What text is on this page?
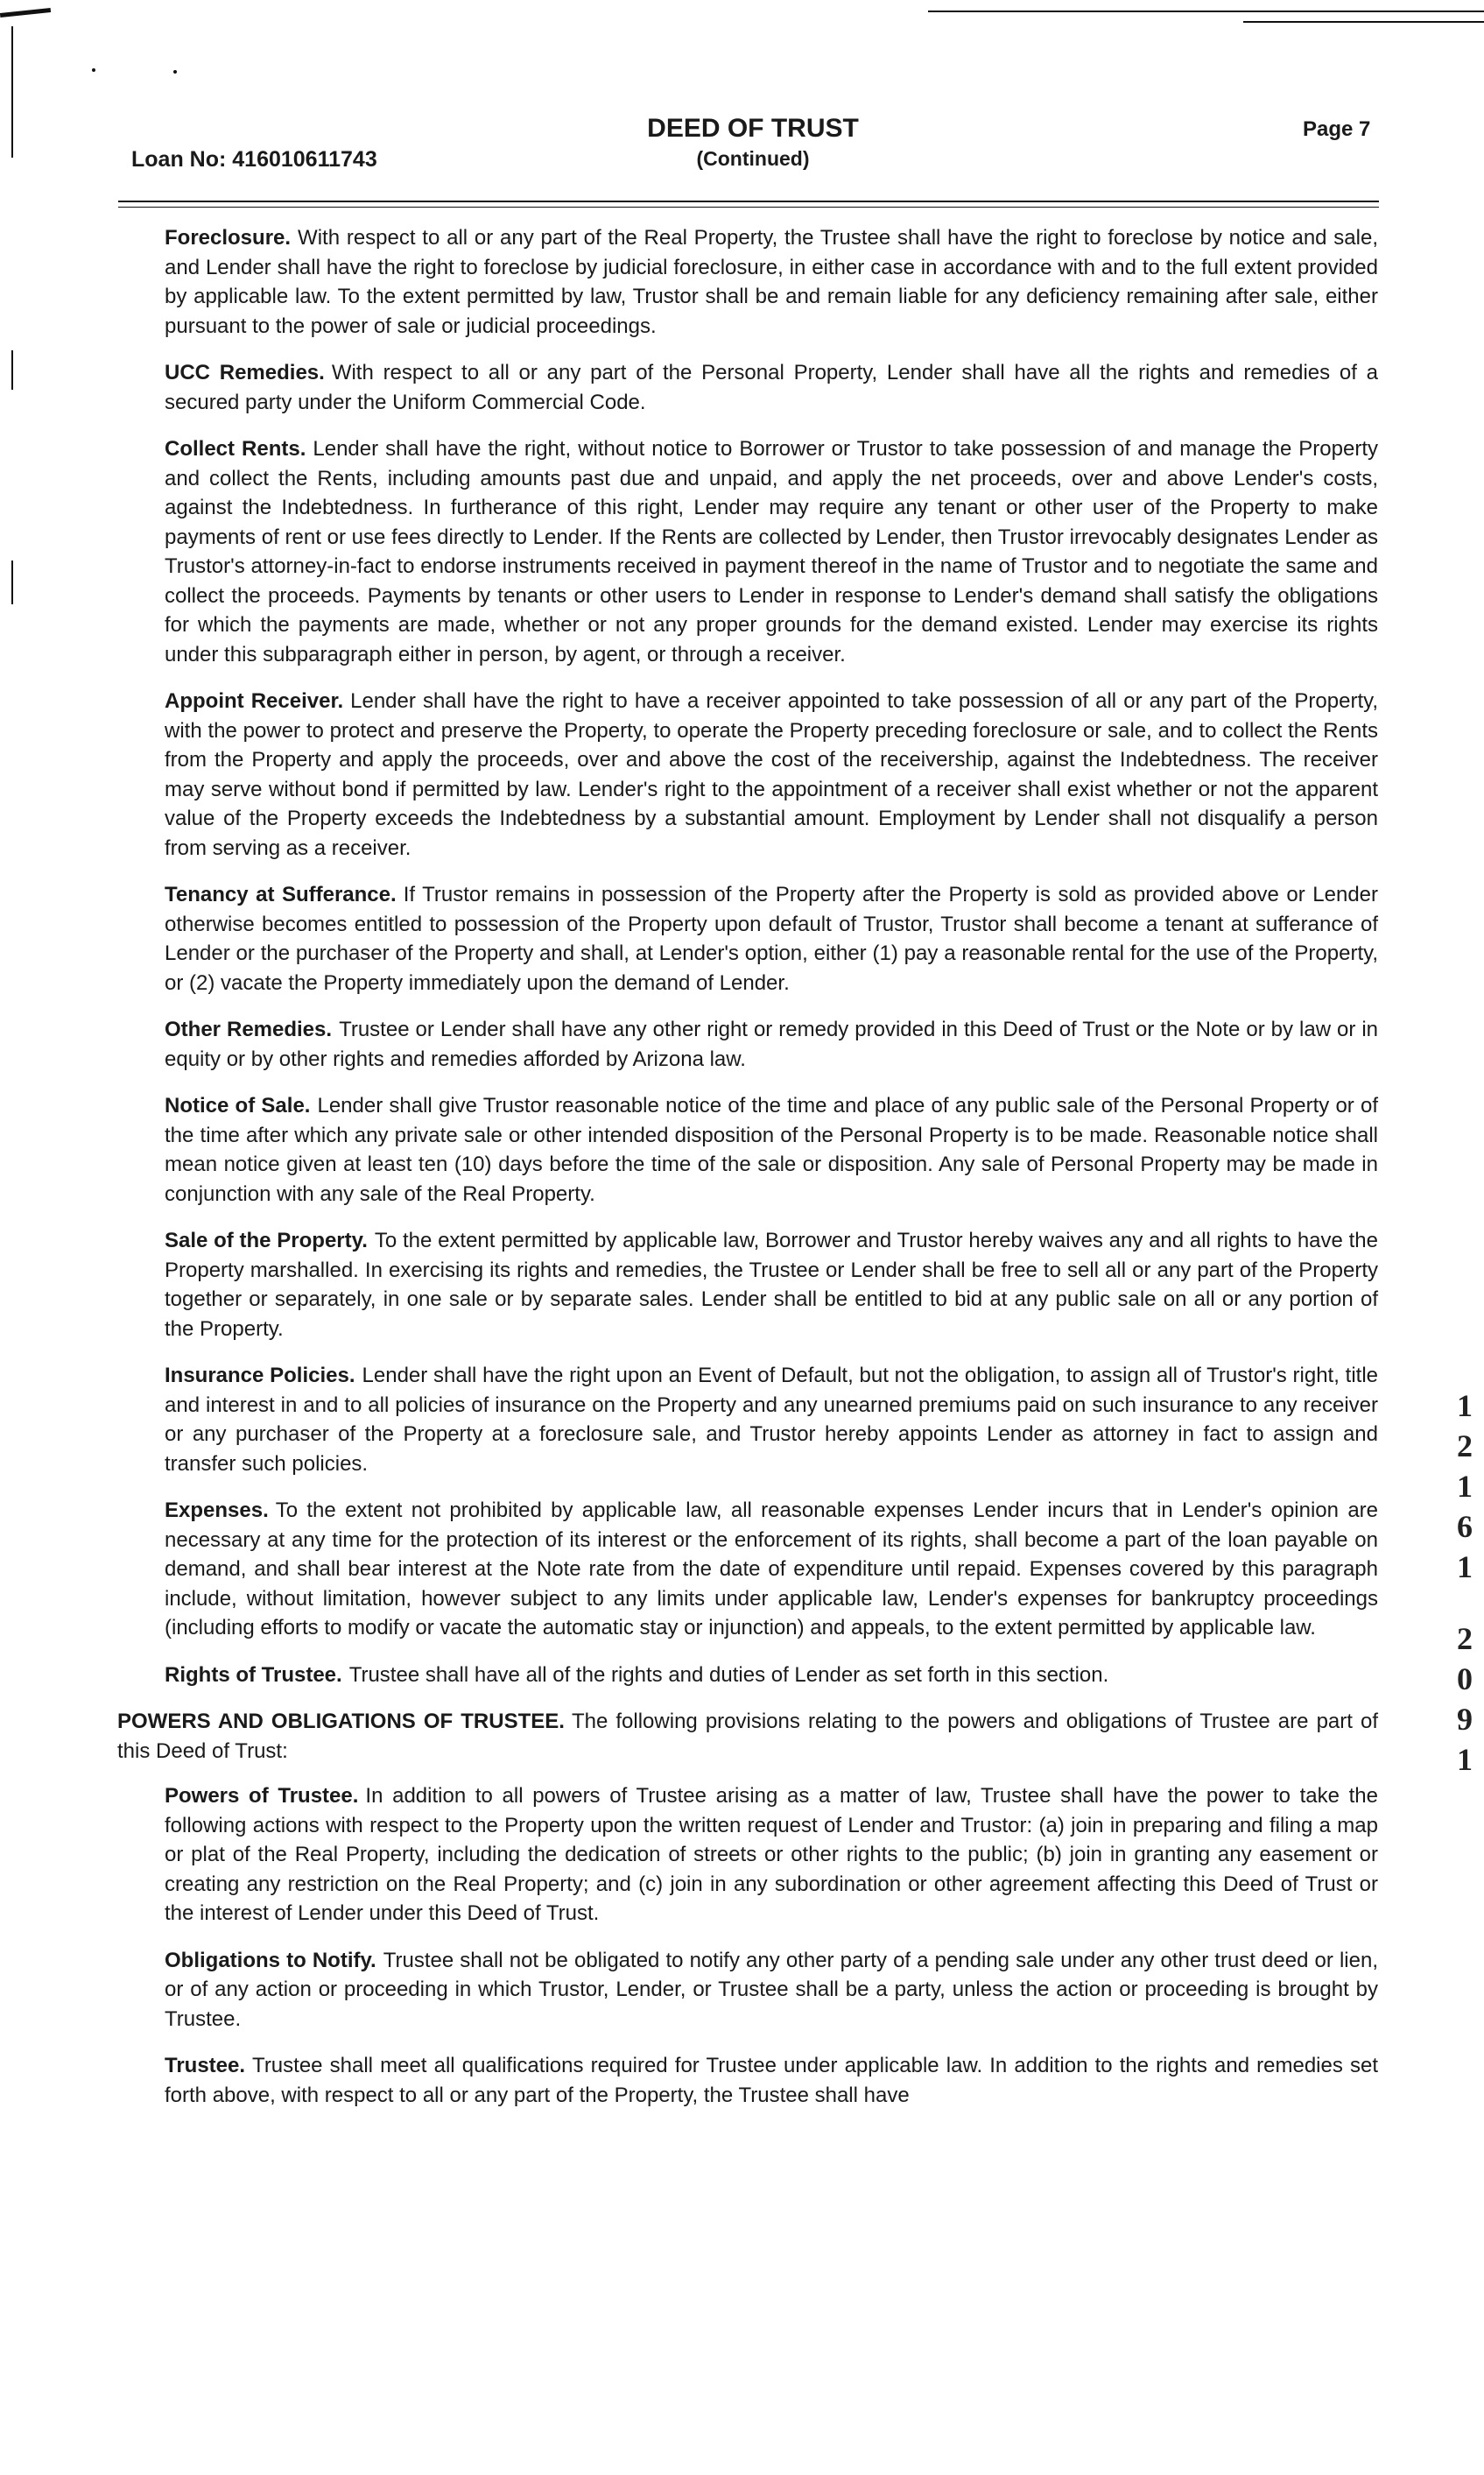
Loan No: 416010611743
DEED OF TRUST
(Continued)
Page 7

Foreclosure. With respect to all or any part of the Real Property, the Trustee shall have the right to foreclose by notice and sale, and Lender shall have the right to foreclose by judicial foreclosure, in either case in accordance with and to the full extent provided by applicable law. To the extent permitted by law, Trustor shall be and remain liable for any deficiency remaining after sale, either pursuant to the power of sale or judicial proceedings.

UCC Remedies. With respect to all or any part of the Personal Property, Lender shall have all the rights and remedies of a secured party under the Uniform Commercial Code.

Collect Rents. Lender shall have the right, without notice to Borrower or Trustor to take possession of and manage the Property and collect the Rents, including amounts past due and unpaid, and apply the net proceeds, over and above Lender's costs, against the Indebtedness. In furtherance of this right, Lender may require any tenant or other user of the Property to make payments of rent or use fees directly to Lender. If the Rents are collected by Lender, then Trustor irrevocably designates Lender as Trustor's attorney-in-fact to endorse instruments received in payment thereof in the name of Trustor and to negotiate the same and collect the proceeds. Payments by tenants or other users to Lender in response to Lender's demand shall satisfy the obligations for which the payments are made, whether or not any proper grounds for the demand existed. Lender may exercise its rights under this subparagraph either in person, by agent, or through a receiver.

Appoint Receiver. Lender shall have the right to have a receiver appointed to take possession of all or any part of the Property, with the power to protect and preserve the Property, to operate the Property preceding foreclosure or sale, and to collect the Rents from the Property and apply the proceeds, over and above the cost of the receivership, against the Indebtedness. The receiver may serve without bond if permitted by law. Lender's right to the appointment of a receiver shall exist whether or not the apparent value of the Property exceeds the Indebtedness by a substantial amount. Employment by Lender shall not disqualify a person from serving as a receiver.

Tenancy at Sufferance. If Trustor remains in possession of the Property after the Property is sold as provided above or Lender otherwise becomes entitled to possession of the Property upon default of Trustor, Trustor shall become a tenant at sufferance of Lender or the purchaser of the Property and shall, at Lender's option, either (1) pay a reasonable rental for the use of the Property, or (2) vacate the Property immediately upon the demand of Lender.

Other Remedies. Trustee or Lender shall have any other right or remedy provided in this Deed of Trust or the Note or by law or in equity or by other rights and remedies afforded by Arizona law.

Notice of Sale. Lender shall give Trustor reasonable notice of the time and place of any public sale of the Personal Property or of the time after which any private sale or other intended disposition of the Personal Property is to be made. Reasonable notice shall mean notice given at least ten (10) days before the time of the sale or disposition. Any sale of Personal Property may be made in conjunction with any sale of the Real Property.

Sale of the Property. To the extent permitted by applicable law, Borrower and Trustor hereby waives any and all rights to have the Property marshalled. In exercising its rights and remedies, the Trustee or Lender shall be free to sell all or any part of the Property together or separately, in one sale or by separate sales. Lender shall be entitled to bid at any public sale on all or any portion of the Property.

Insurance Policies. Lender shall have the right upon an Event of Default, but not the obligation, to assign all of Trustor's right, title and interest in and to all policies of insurance on the Property and any unearned premiums paid on such insurance to any receiver or any purchaser of the Property at a foreclosure sale, and Trustor hereby appoints Lender as attorney in fact to assign and transfer such policies.

Expenses. To the extent not prohibited by applicable law, all reasonable expenses Lender incurs that in Lender's opinion are necessary at any time for the protection of its interest or the enforcement of its rights, shall become a part of the loan payable on demand, and shall bear interest at the Note rate from the date of expenditure until repaid. Expenses covered by this paragraph include, without limitation, however subject to any limits under applicable law, Lender's expenses for bankruptcy proceedings (including efforts to modify or vacate the automatic stay or injunction) and appeals, to the extent permitted by applicable law.

Rights of Trustee. Trustee shall have all of the rights and duties of Lender as set forth in this section.

POWERS AND OBLIGATIONS OF TRUSTEE. The following provisions relating to the powers and obligations of Trustee are part of this Deed of Trust:

Powers of Trustee. In addition to all powers of Trustee arising as a matter of law, Trustee shall have the power to take the following actions with respect to the Property upon the written request of Lender and Trustor: (a) join in preparing and filing a map or plat of the Real Property, including the dedication of streets or other rights to the public; (b) join in granting any easement or creating any restriction on the Real Property; and (c) join in any subordination or other agreement affecting this Deed of Trust or the interest of Lender under this Deed of Trust.

Obligations to Notify. Trustee shall not be obligated to notify any other party of a pending sale under any other trust deed or lien, or of any action or proceeding in which Trustor, Lender, or Trustee shall be a party, unless the action or proceeding is brought by Trustee.

Trustee. Trustee shall meet all qualifications required for Trustee under applicable law. In addition to the rights and remedies set forth above, with respect to all or any part of the Property, the Trustee shall have

1
2
1
6
1
2
0
9
1
